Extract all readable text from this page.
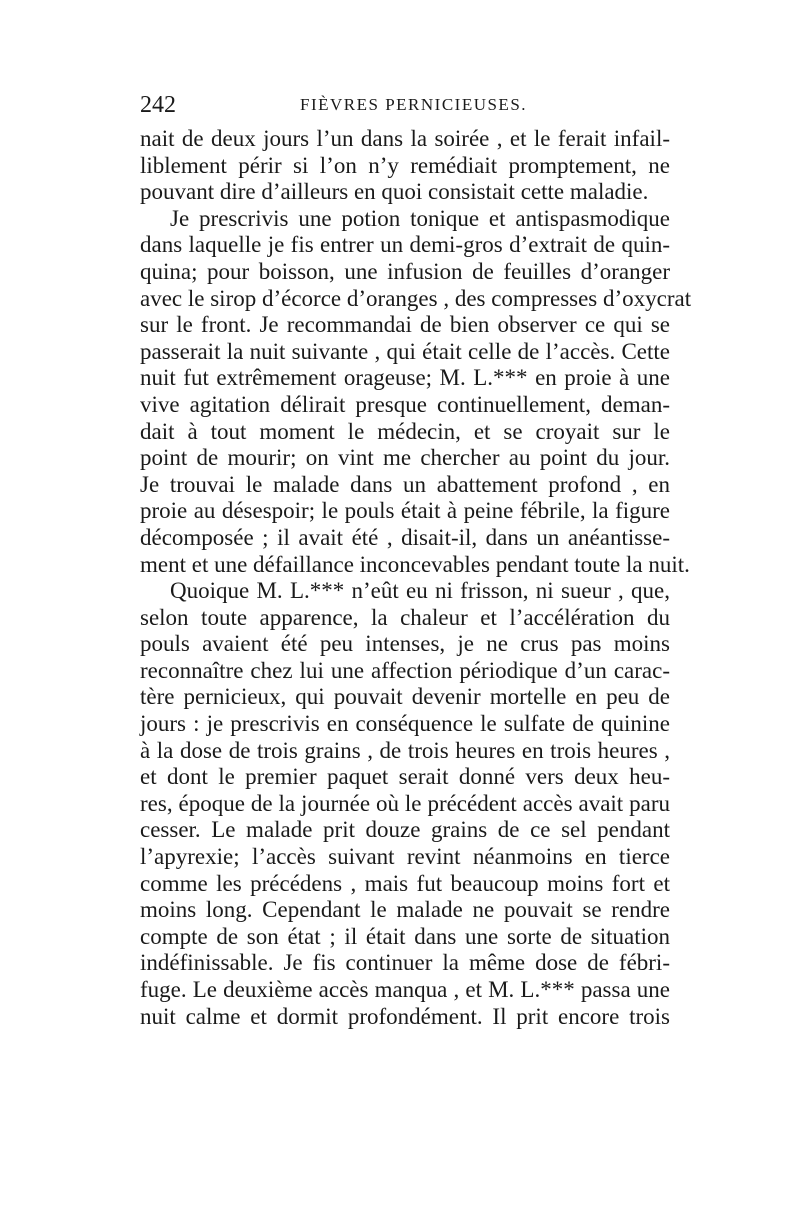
242	FIÈVRES PERNICIEUSES.
nait de deux jours l’un dans la soirée , et le ferait infail-
liblement périr si l’on n’y remédiait promptement, ne
pouvant dire d’ailleurs en quoi consistait cette maladie.
Je prescrivis une potion tonique et antispasmodique
dans laquelle je fis entrer un demi-gros d’extrait de quin-
quina; pour boisson, une infusion de feuilles d’oranger
avec le sirop d’écorce d’oranges , des compresses d’oxycrat
sur le front. Je recommandai de bien observer ce qui se
passerait la nuit suivante , qui était celle de l’accès. Cette
nuit fut extrêmement orageuse; M. L.*** en proie à une
vive agitation délirait presque continuellement, deman-
dait à tout moment le médecin, et se croyait sur le
point de mourir; on vint me chercher au point du jour.
Je trouvai le malade dans un abattement profond , en
proie au désespoir; le pouls était à peine fébrile, la figure
décomposée ; il avait été , disait-il, dans un anéantisse-
ment et une défaillance inconcevables pendant toute la nuit.
Quoique M. L.*** n’eût eu ni frisson, ni sueur , que,
selon toute apparence, la chaleur et l’accélération du
pouls avaient été peu intenses, je ne crus pas moins
reconnaître chez lui une affection périodique d’un carac-
tère pernicieux, qui pouvait devenir mortelle en peu de
jours : je prescrivis en conséquence le sulfate de quinine
à la dose de trois grains , de trois heures en trois heures ,
et dont le premier paquet serait donné vers deux heu-
res, époque de la journée où le précédent accès avait paru
cesser. Le malade prit douze grains de ce sel pendant
l’apyrexie; l’accès suivant revint néanmoins en tierce
comme les précédens , mais fut beaucoup moins fort et
moins long. Cependant le malade ne pouvait se rendre
compte de son état ; il était dans une sorte de situation
indéfinissable. Je fis continuer la même dose de fébri-
fuge. Le deuxième accès manqua , et M. L.*** passa une
nuit calme et dormit profondément. Il prit encore trois
